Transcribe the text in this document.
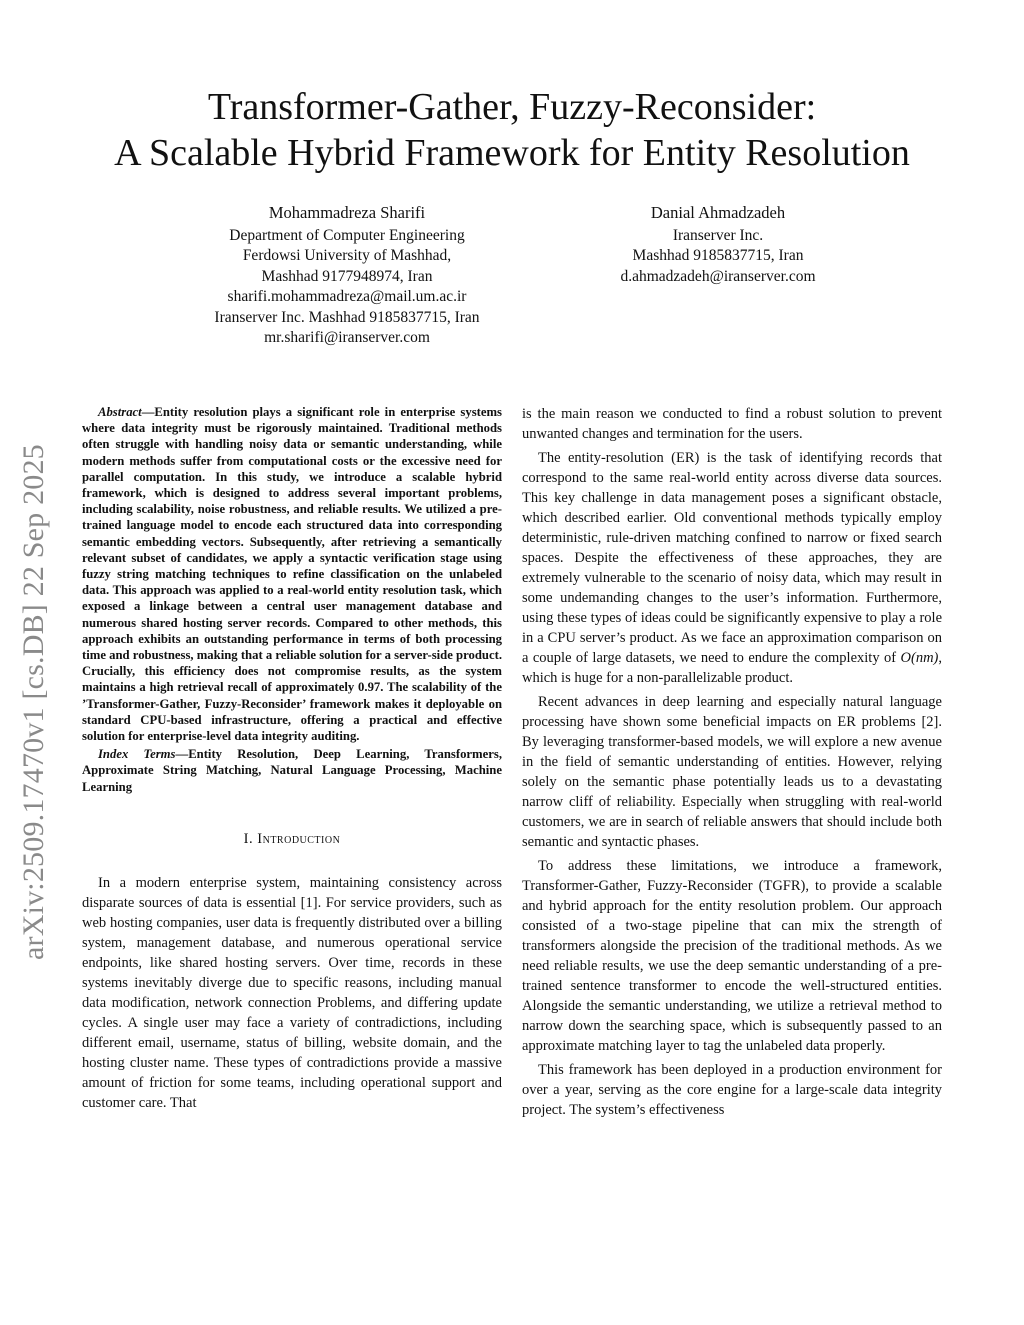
arXiv:2509.17470v1 [cs.DB] 22 Sep 2025
Transformer-Gather, Fuzzy-Reconsider:
A Scalable Hybrid Framework for Entity Resolution
Mohammadreza Sharifi
Department of Computer Engineering
Ferdowsi University of Mashhad,
Mashhad 9177948974, Iran
sharifi.mohammadreza@mail.um.ac.ir
Iranserver Inc. Mashhad 9185837715, Iran
mr.sharifi@iranserver.com
Danial Ahmadzadeh
Iranserver Inc.
Mashhad 9185837715, Iran
d.ahmadzadeh@iranserver.com

Abstract—Entity resolution plays a significant role in enterprise systems where data integrity must be rigorously maintained. Traditional methods often struggle with handling noisy data or semantic understanding, while modern methods suffer from computational costs or the excessive need for parallel computation. In this study, we introduce a scalable hybrid framework, which is designed to address several important problems, including scalability, noise robustness, and reliable results. We utilized a pre-trained language model to encode each structured data into corresponding semantic embedding vectors. Subsequently, after retrieving a semantically relevant subset of candidates, we apply a syntactic verification stage using fuzzy string matching techniques to refine classification on the unlabeled data. This approach was applied to a real-world entity resolution task, which exposed a linkage between a central user management database and numerous shared hosting server records. Compared to other methods, this approach exhibits an outstanding performance in terms of both processing time and robustness, making that a reliable solution for a server-side product. Crucially, this efficiency does not compromise results, as the system maintains a high retrieval recall of approximately 0.97. The scalability of the ’Transformer-Gather, Fuzzy-Reconsider’ framework makes it deployable on standard CPU-based infrastructure, offering a practical and effective solution for enterprise-level data integrity auditing.

Index Terms—Entity Resolution, Deep Learning, Transformers, Approximate String Matching, Natural Language Processing, Machine Learning

I. Introduction

In a modern enterprise system, maintaining consistency across disparate sources of data is essential [1]. For service providers, such as web hosting companies, user data is frequently distributed over a billing system, management database, and numerous operational service endpoints, like shared hosting servers. Over time, records in these systems inevitably diverge due to specific reasons, including manual data modification, network connection Problems, and differing update cycles. A single user may face a variety of contradictions, including different email, username, status of billing, website domain, and the hosting cluster name. These types of contradictions provide a massive amount of friction for some teams, including operational support and customer care. That

is the main reason we conducted to find a robust solution to prevent unwanted changes and termination for the users.

The entity-resolution (ER) is the task of identifying records that correspond to the same real-world entity across diverse data sources. This key challenge in data management poses a significant obstacle, which described earlier. Old conventional methods typically employ deterministic, rule-driven matching confined to narrow or fixed search spaces. Despite the effectiveness of these approaches, they are extremely vulnerable to the scenario of noisy data, which may result in some undemanding changes to the user’s information. Furthermore, using these types of ideas could be significantly expensive to play a role in a CPU server’s product. As we face an approximation comparison on a couple of large datasets, we need to endure the complexity of O(nm), which is huge for a non-parallelizable product.

Recent advances in deep learning and especially natural language processing have shown some beneficial impacts on ER problems [2]. By leveraging transformer-based models, we will explore a new avenue in the field of semantic understanding of entities. However, relying solely on the semantic phase potentially leads us to a devastating narrow cliff of reliability. Especially when struggling with real-world customers, we are in search of reliable answers that should include both semantic and syntactic phases.

To address these limitations, we introduce a framework, Transformer-Gather, Fuzzy-Reconsider (TGFR), to provide a scalable and hybrid approach for the entity resolution problem. Our approach consisted of a two-stage pipeline that can mix the strength of transformers alongside the precision of the traditional methods. As we need reliable results, we use the deep semantic understanding of a pre-trained sentence transformer to encode the well-structured entities. Alongside the semantic understanding, we utilize a retrieval method to narrow down the searching space, which is subsequently passed to an approximate matching layer to tag the unlabeled data properly.

This framework has been deployed in a production environment for over a year, serving as the core engine for a large-scale data integrity project. The system’s effectiveness
